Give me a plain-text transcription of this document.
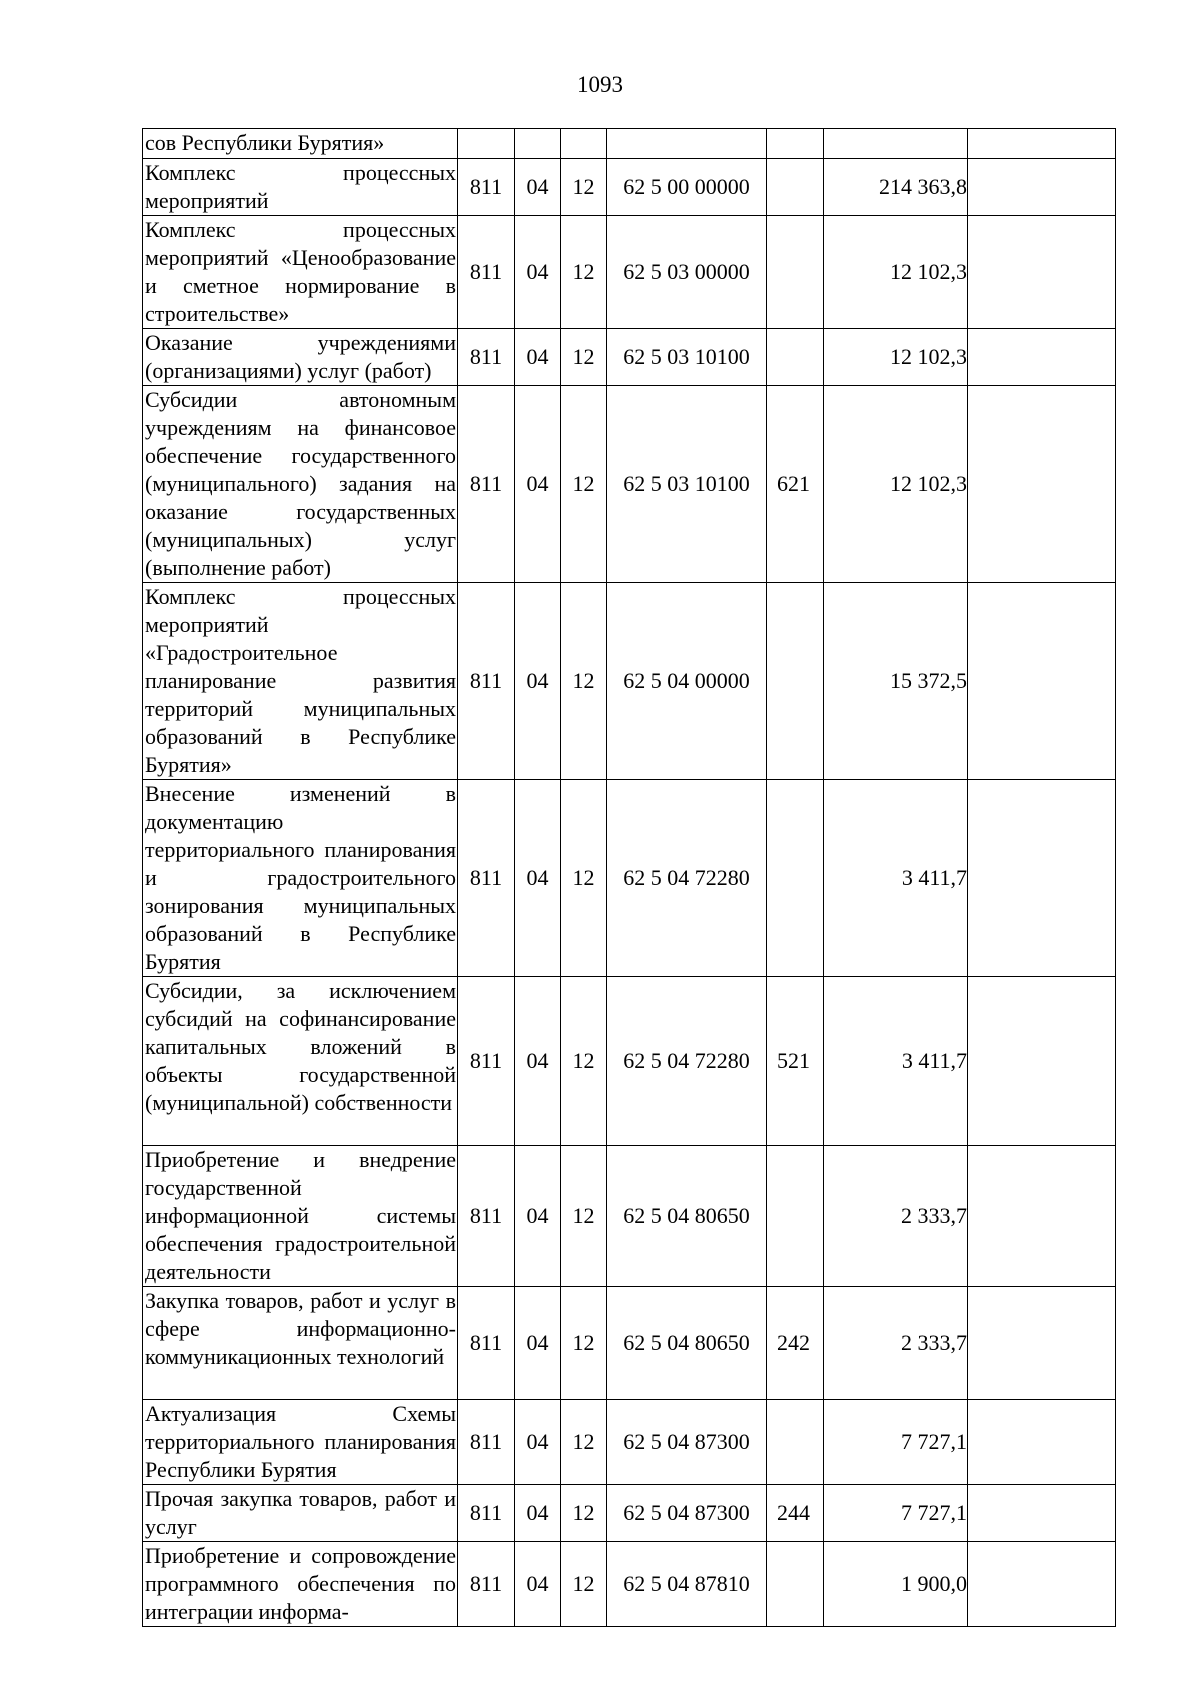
1093
сов Республики Бурятия»							
Комплекс процессных мероприятий	811	04	12	62 5 00 00000		214 363,8	
Комплекс процессных мероприятий «Ценообразование и сметное нормирование в строительстве»	811	04	12	62 5 03 00000		12 102,3	
Оказание учреждениями (организациями) услуг (работ)	811	04	12	62 5 03 10100		12 102,3	
Субсидии автономным учреждениям на финансовое обеспечение государственного (муниципального) задания на оказание государственных (муниципальных) услуг (выполнение работ)	811	04	12	62 5 03 10100	621	12 102,3	
Комплекс процессных мероприятий «Градостроительное планирование развития территорий муниципальных образований в Республике Бурятия»	811	04	12	62 5 04 00000		15 372,5	
Внесение изменений в документацию территориального планирования и градостроительного зонирования муниципальных образований в Республике Бурятия	811	04	12	62 5 04 72280		3 411,7	
Субсидии, за исключением субсидий на софинансирование капитальных вложений в объекты государственной (муниципальной) собственности	811	04	12	62 5 04 72280	521	3 411,7	
Приобретение и внедрение государственной информационной системы обеспечения градостроительной деятельности	811	04	12	62 5 04 80650		2 333,7	
Закупка товаров, работ и услуг в сфере информационно-коммуникационных технологий	811	04	12	62 5 04 80650	242	2 333,7	
Актуализация Схемы территориального планирования Республики Бурятия	811	04	12	62 5 04 87300		7 727,1	
Прочая закупка товаров, работ и услуг	811	04	12	62 5 04 87300	244	7 727,1	
Приобретение и сопровождение программного обеспечения по интеграции информа-	811	04	12	62 5 04 87810		1 900,0	
